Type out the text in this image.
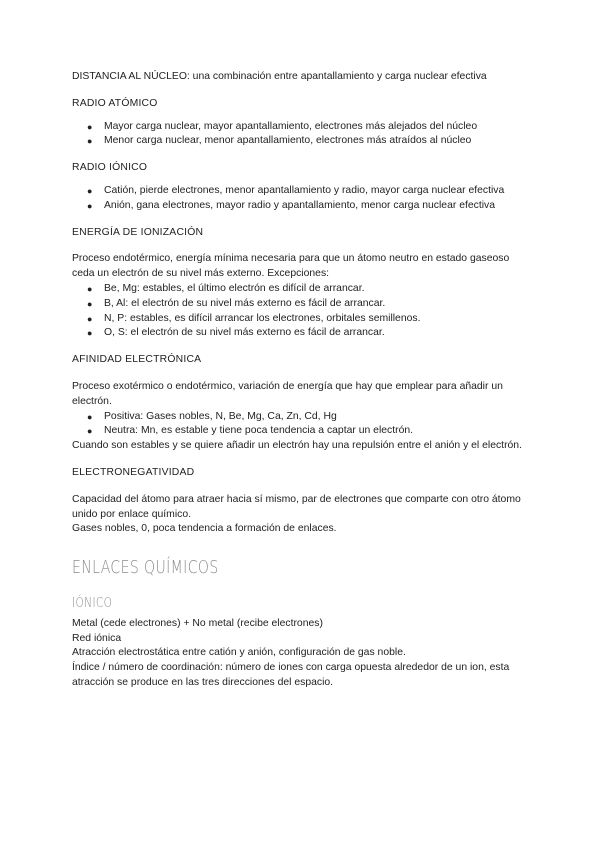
DISTANCIA AL NÚCLEO: una combinación entre apantallamiento y carga nuclear efectiva

RADIO ATÓMICO

● Mayor carga nuclear, mayor apantallamiento, electrones más alejados del núcleo
● Menor carga nuclear, menor apantallamiento, electrones más atraídos al núcleo

RADIO IÓNICO

● Catión, pierde electrones, menor apantallamiento y radio, mayor carga nuclear efectiva
● Anión, gana electrones, mayor radio y apantallamiento, menor carga nuclear efectiva

ENERGÍA DE IONIZACIÓN

Proceso endotérmico, energía mínima necesaria para que un átomo neutro en estado gaseoso ceda un electrón de su nivel más externo. Excepciones:

● Be, Mg: estables, el último electrón es difícil de arrancar.
● B, Al: el electrón de su nivel más externo es fácil de arrancar.
● N, P: estables, es difícil arrancar los electrones, orbitales semillenos.
● O, S: el electrón de su nivel más externo es fácil de arrancar.

AFINIDAD ELECTRÓNICA

Proceso exotérmico o endotérmico, variación de energía que hay que emplear para añadir un electrón.

● Positiva: Gases nobles, N, Be, Mg, Ca, Zn, Cd, Hg
● Neutra: Mn, es estable y tiene poca tendencia a captar un electrón.

Cuando son estables y se quiere añadir un electrón hay una repulsión entre el anión y el electrón.

ELECTRONEGATIVIDAD

Capacidad del átomo para atraer hacia sí mismo, par de electrones que comparte con otro átomo unido por enlace químico.

Gases nobles, 0, poca tendencia a formación de enlaces.

ENLACES QUÍMICOS

IÓNICO

Metal (cede electrones) + No metal (recibe electrones)

Red iónica

Atracción electrostática entre catión y anión, configuración de gas noble.

Índice / número de coordinación: número de iones con carga opuesta alrededor de un ion, esta atracción se produce en las tres direcciones del espacio.
